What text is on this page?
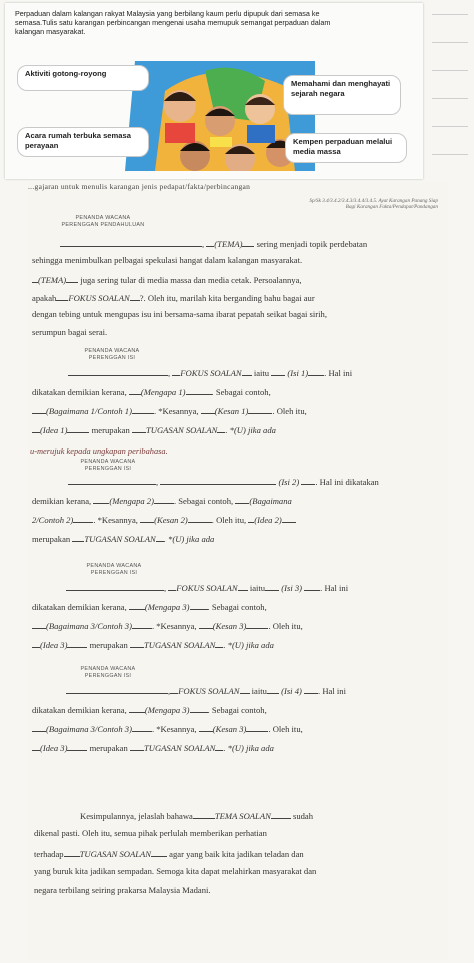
Perpaduan dalam kalangan rakyat Malaysia yang berbilang kaum perlu dipupuk dari semasa ke
semasa.Tulis satu karangan perbincangan mengenai usaha memupuk semangat perpaduan dalam
kalangan masyarakat.
Aktiviti gotong-royong
Memahami dan menghayati sejarah negara
Acara rumah terbuka semasa perayaan	Kempen perpaduan melalui media massa
...gajaran untuk menulis karangan jenis pedapat/fakta/perbincangan
Sp/Sk 3.4/3.4.2/3.4.3/3.4.4/3.4.5. Ayat Karangan Panang Siap
Bagi Karangan Fakta/Pendapat/Pandangan
PENANDA WACANA
PERENGGAN PENDAHULUAN
, (TEMA) sering menjadi topik perdebatan
sehingga menimbulkan pelbagai spekulasi hangat dalam kalangan masyarakat.
(TEMA) juga sering tular di media massa dan media cetak. Persoalannya,
apakah FOKUS SOALAN ?. Oleh itu, marilah kita berganding bahu bagai aur
dengan tebing untuk mengupas isu ini bersama-sama ibarat pepatah seikat bagai sirih,
serumpun bagai serai.
PENANDA WACANA
PERENGGAN ISI
, FOKUS SOALAN iaitu (Isi 1) . Hal ini
dikatakan demikian kerana, (Mengapa 1)	. Sebagai contoh,
(Bagaimana 1/Contoh 1)	. *Kesannya, (Kesan 1)	. Oleh itu,
(Idea 1)	merupakan TUGASAN SOALAN . *(U) jika ada
u-merujuk kepada ungkapan peribahasa.
PENANDA WACANA
PERENGGAN ISI
,	(Isi 2) . Hal ini dikatakan
demikian kerana, (Mengapa 2) . Sebagai contoh, (Bagaimana
2/Contoh 2) . *Kesannya, (Kesan 2)	. Oleh itu, (Idea 2)
merupakan TUGASAN SOALAN . *(U) jika ada
PENANDA WACANA
PERENGGAN ISI
, FOKUS SOALAN iaitu (Isi 3) . Hal ini
dikatakan demikian kerana, (Mengapa 3) . Sebagai contoh,
(Bagaimana 3/Contoh 3) . *Kesannya, (Kesan 3)	. Oleh itu,
(Idea 3)	merupakan TUGASAN SOALAN . *(U) jika ada
PENANDA WACANA
PERENGGAN ISI
, FOKUS SOALAN iaitu (Isi 4) . Hal ini
dikatakan demikian kerana, (Mengapa 3) . Sebagai contoh,
(Bagaimana 3/Contoh 3) . *Kesannya, (Kesan 3)	. Oleh itu,
(Idea 3)	merupakan TUGASAN SOALAN . *(U) jika ada
Kesimpulannya, jelaslah bahawa	TEMA SOALAN	sudah
dikenal pasti. Oleh itu, semua pihak perlulah memberikan perhatian
terhadap TUGASAN SOALAN agar yang baik kita jadikan teladan dan
yang buruk kita jadikan sempadan. Semoga kita dapat melahirkan masyarakat dan
negara terbilang seiring prakarsa Malaysia Madani.
